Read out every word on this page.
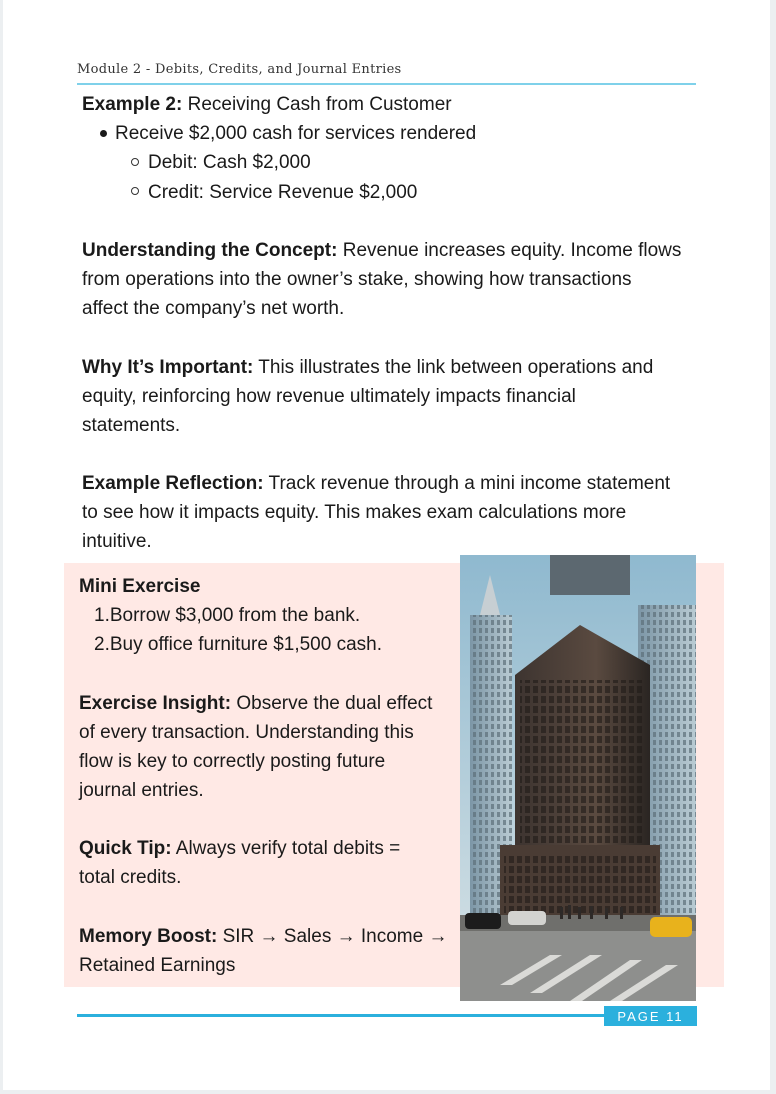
Module 2 - Debits, Credits, and Journal Entries
Example 2: Receiving Cash from Customer
Receive $2,000 cash for services rendered
Debit: Cash $2,000
Credit: Service Revenue $2,000
Understanding the Concept: Revenue increases equity. Income flows
from operations into the owner’s stake, showing how transactions
affect the company’s net worth.
Why It’s Important: This illustrates the link between operations and
equity, reinforcing how revenue ultimately impacts financial
statements.
Example Reflection: Track revenue through a mini income statement
to see how it impacts equity. This makes exam calculations more
intuitive.
Mini Exercise
1.Borrow $3,000 from the bank.
2.Buy office furniture $1,500 cash.
Exercise Insight: Observe the dual effect
of every transaction. Understanding this
flow is key to correctly posting future
journal entries.
Quick Tip: Always verify total debits =
total credits.
Memory Boost: SIR → Sales → Income →
Retained Earnings
PAGE 11
